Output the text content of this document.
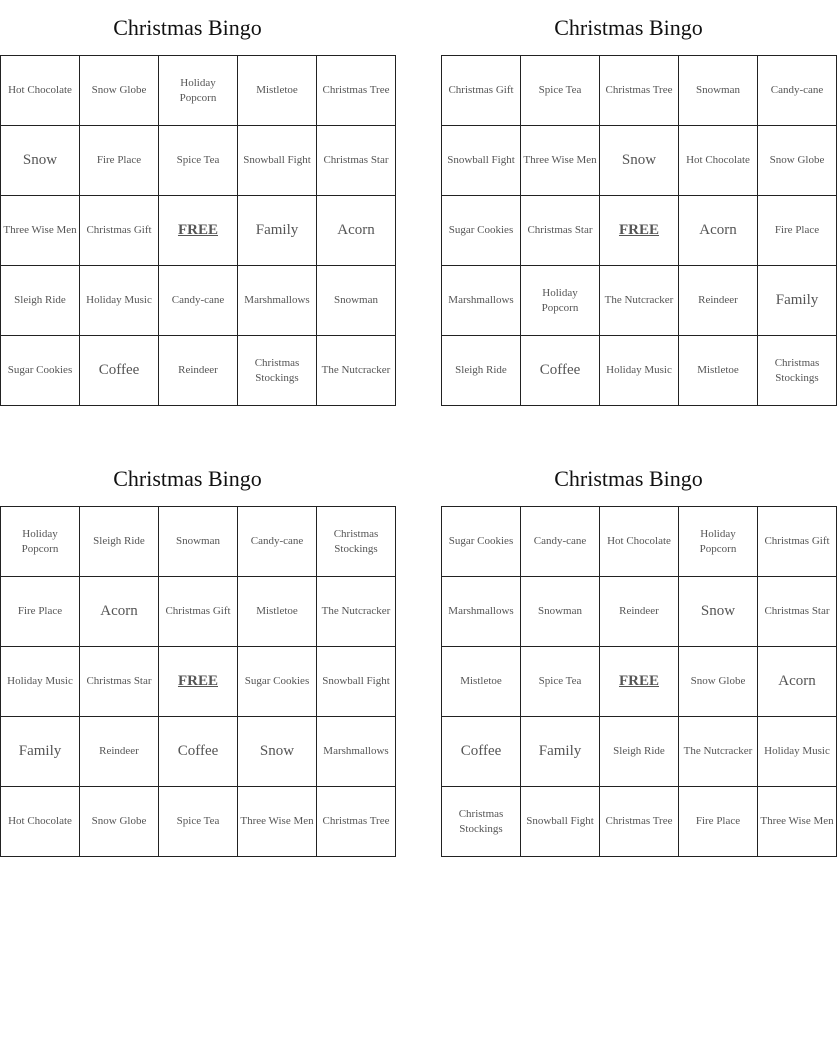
Christmas Bingo
Hot Chocolate	Snow Globe	Holiday Popcorn	Mistletoe	Christmas Tree
Snow	Fire Place	Spice Tea	Snowball Fight	Christmas Star
Three Wise Men	Christmas Gift	FREE	Family	Acorn
Sleigh Ride	Holiday Music	Candy-cane	Marshmallows	Snowman
Sugar Cookies	Coffee	Reindeer	Christmas Stockings	The Nutcracker
Christmas Bingo
Christmas Gift	Spice Tea	Christmas Tree	Snowman	Candy-cane
Snowball Fight	Three Wise Men	Snow	Hot Chocolate	Snow Globe
Sugar Cookies	Christmas Star	FREE	Acorn	Fire Place
Marshmallows	Holiday Popcorn	The Nutcracker	Reindeer	Family
Sleigh Ride	Coffee	Holiday Music	Mistletoe	Christmas Stockings
Christmas Bingo
Holiday Popcorn	Sleigh Ride	Snowman	Candy-cane	Christmas Stockings
Fire Place	Acorn	Christmas Gift	Mistletoe	The Nutcracker
Holiday Music	Christmas Star	FREE	Sugar Cookies	Snowball Fight
Family	Reindeer	Coffee	Snow	Marshmallows
Hot Chocolate	Snow Globe	Spice Tea	Three Wise Men	Christmas Tree
Christmas Bingo
Sugar Cookies	Candy-cane	Hot Chocolate	Holiday Popcorn	Christmas Gift
Marshmallows	Snowman	Reindeer	Snow	Christmas Star
Mistletoe	Spice Tea	FREE	Snow Globe	Acorn
Coffee	Family	Sleigh Ride	The Nutcracker	Holiday Music
Christmas Stockings	Snowball Fight	Christmas Tree	Fire Place	Three Wise Men
